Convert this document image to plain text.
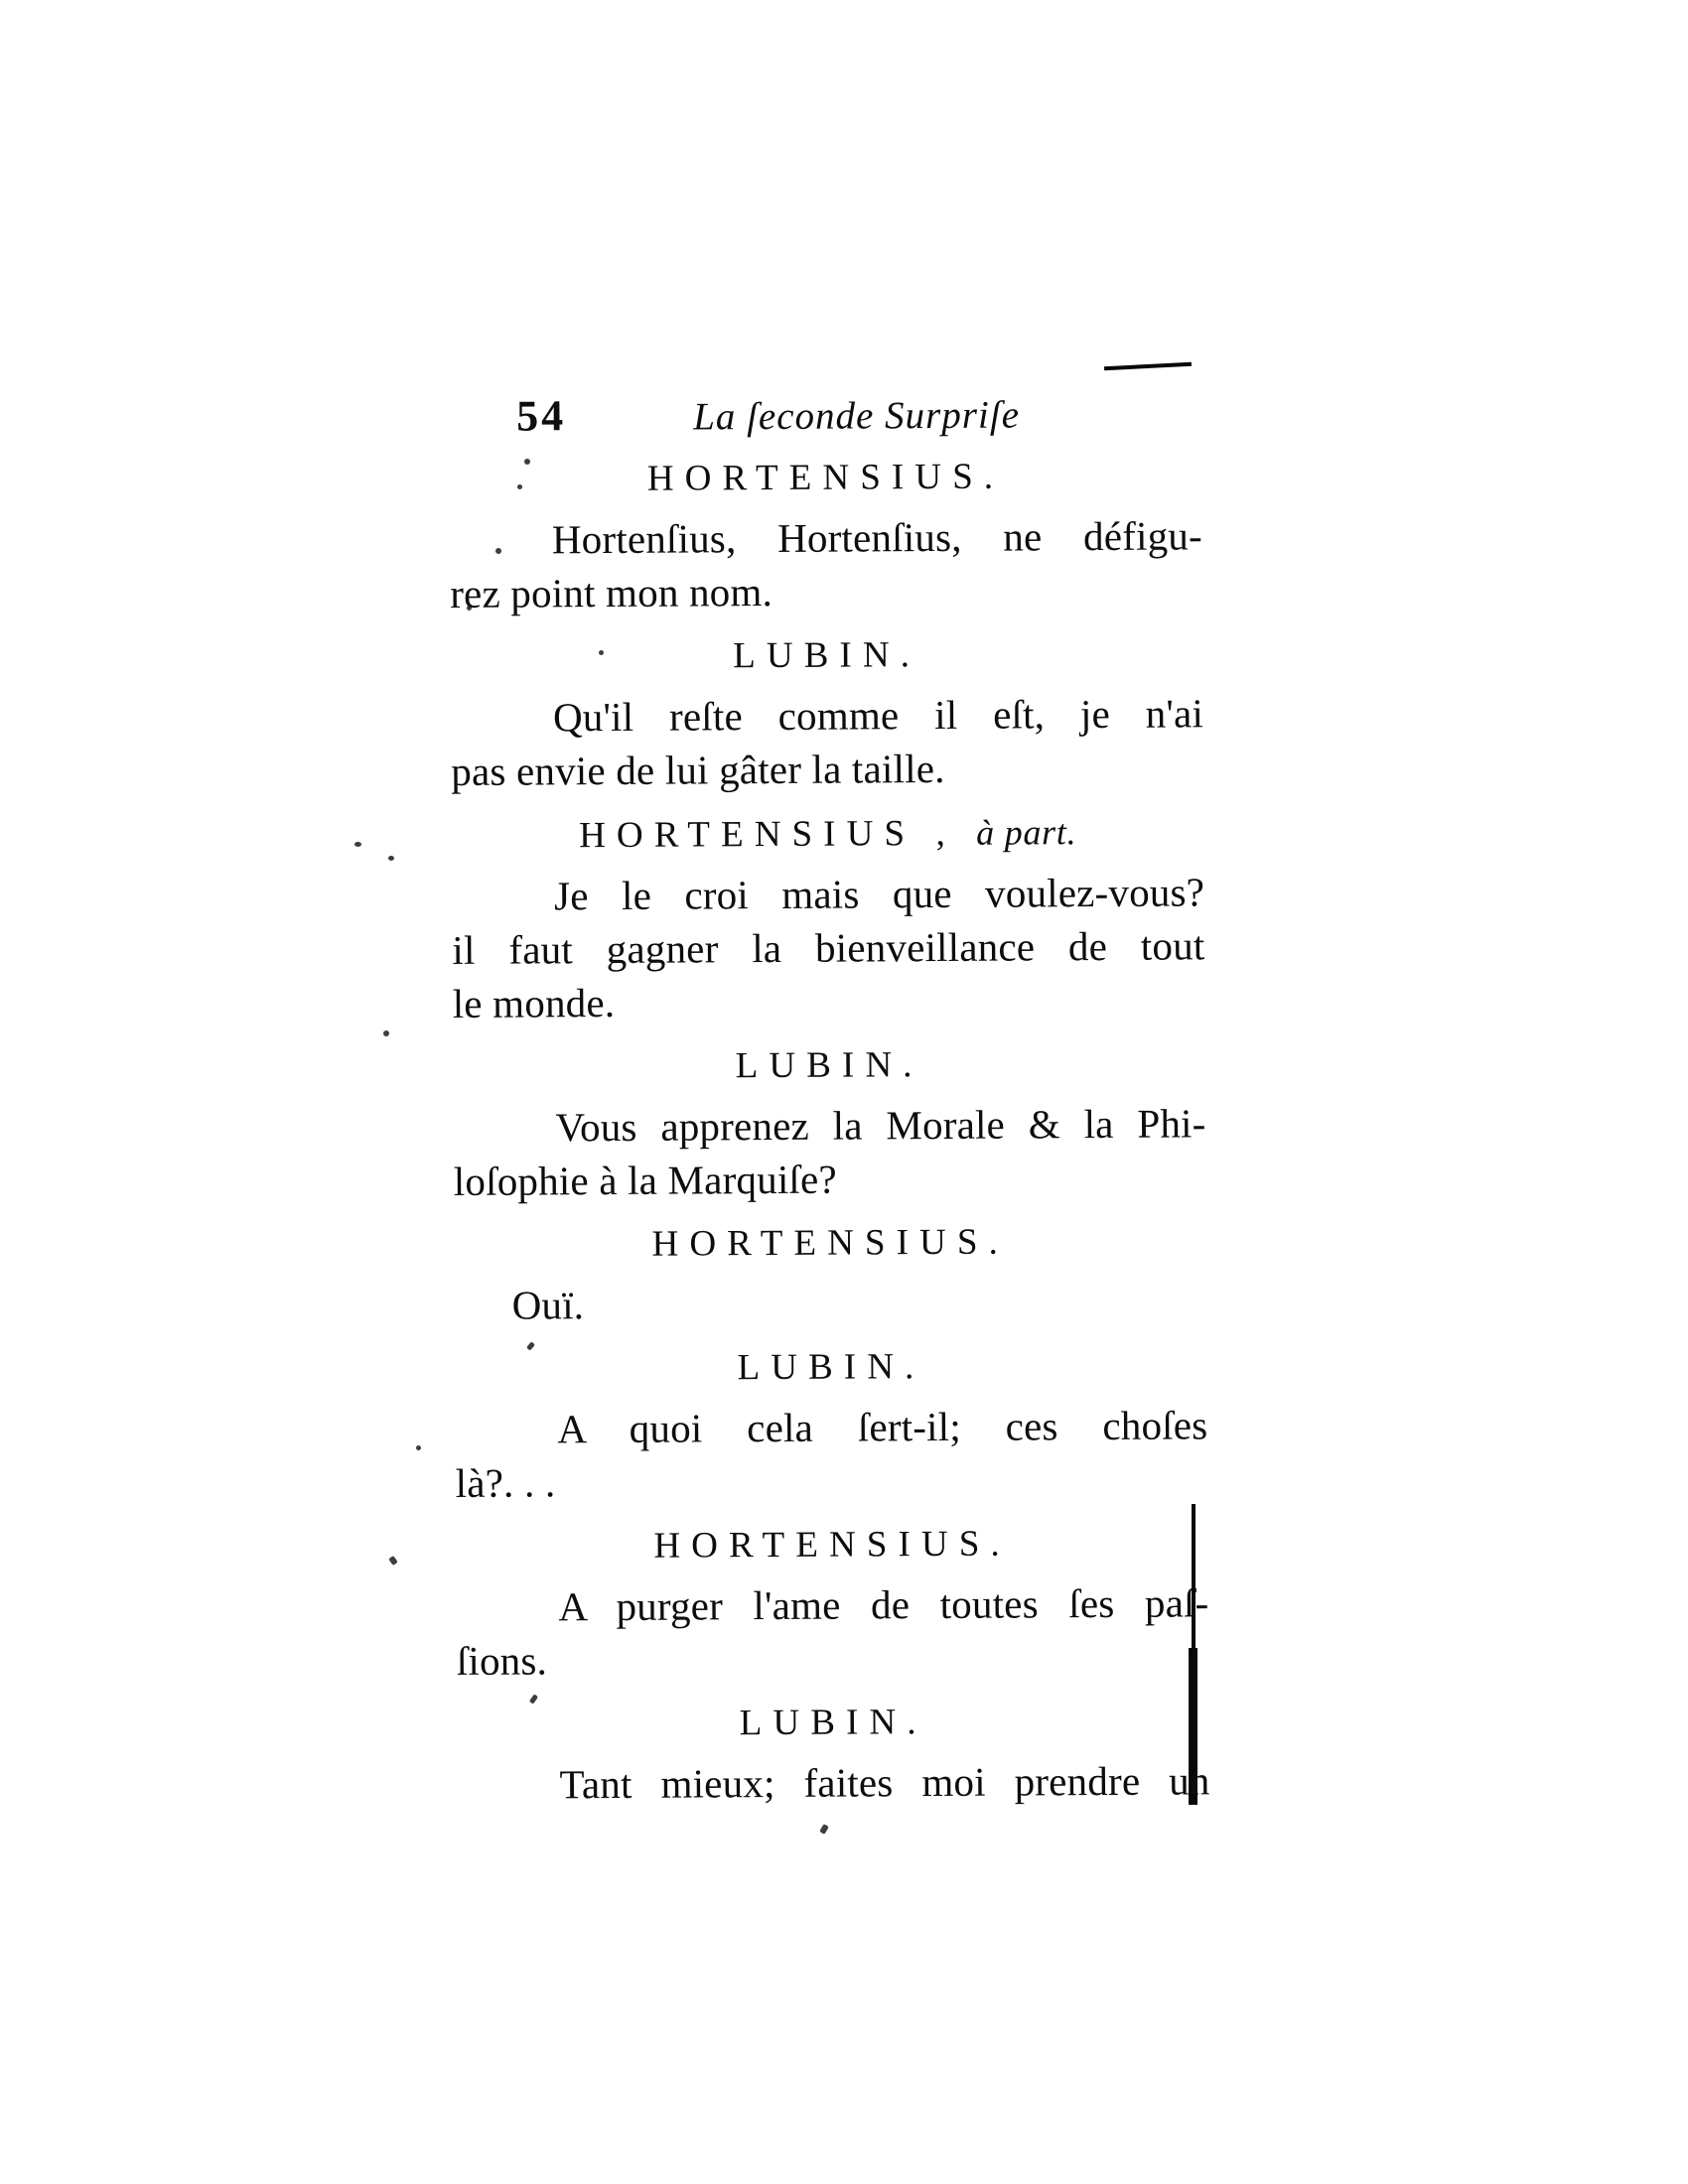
54	La ſeconde Surpriſe
HORTENSIUS.

Hortenſius, Hortenſius, ne défigu-

rez point mon nom.

LUBIN.

Qu'il reſte comme il eſt, je n'ai

pas envie de lui gâter la taille.

HORTENSIUS , à part.

Je le croi mais que voulez-vous?

il faut gagner la bienveillance de tout

le monde.

LUBIN.

Vous apprenez la Morale & la Phi-

loſophie à la Marquiſe?

HORTENSIUS.

Ouï.

LUBIN.

A quoi cela ſert-il; ces choſes

là?. . .

HORTENSIUS.

A purger l'ame de toutes ſes paſ-

ſions.

LUBIN.

Tant mieux; faites moi prendre un
